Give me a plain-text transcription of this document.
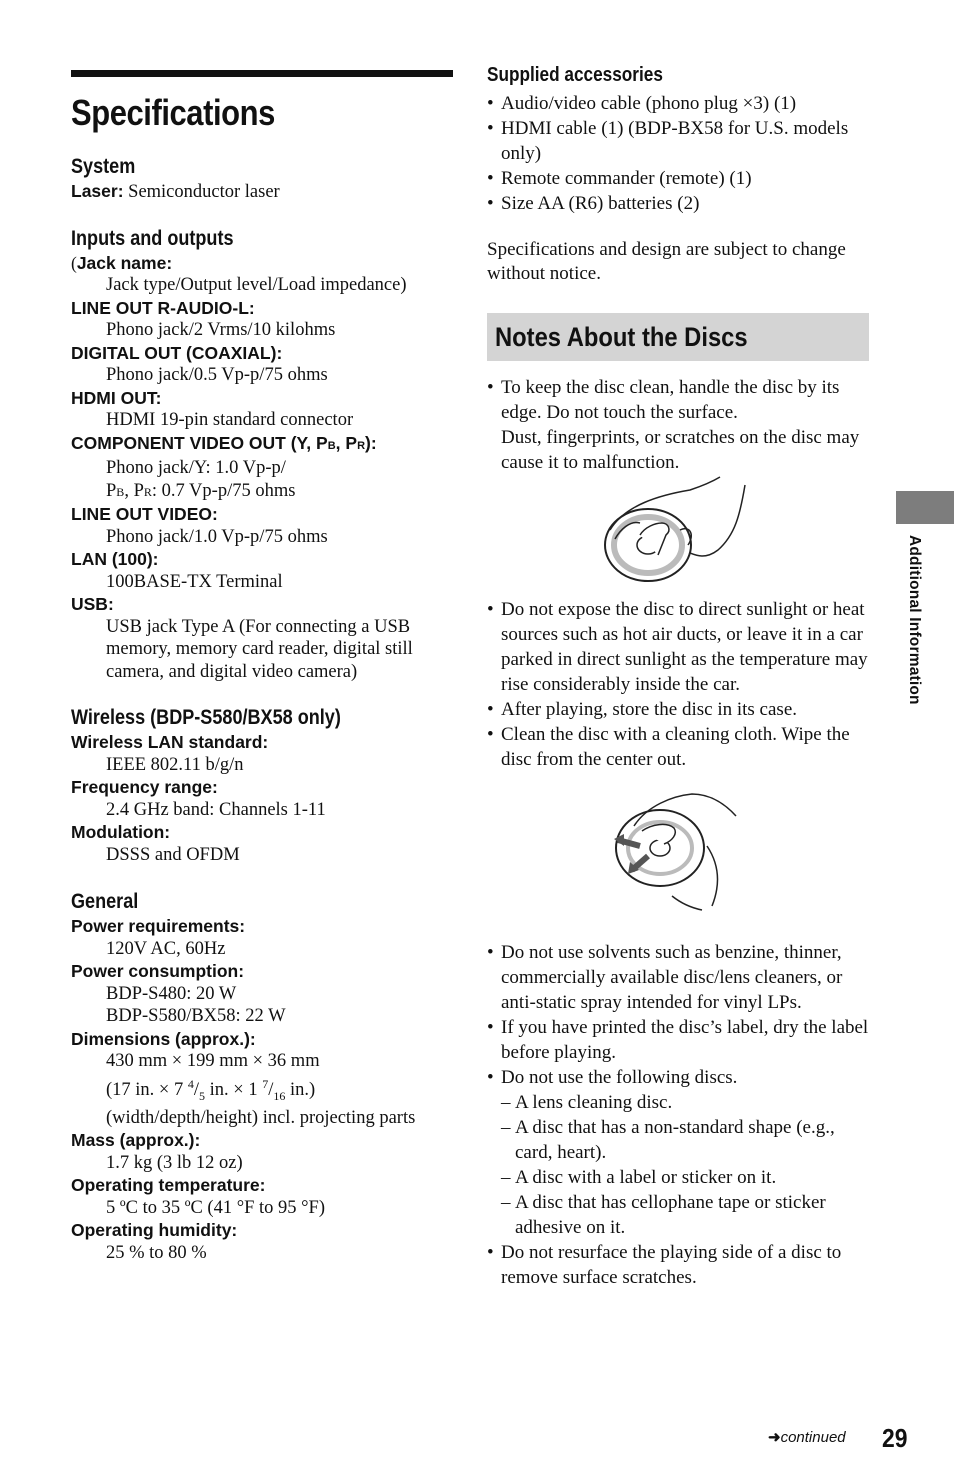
Specifications
System
Laser: Semiconductor laser
Inputs and outputs
(Jack name:
Jack type/Output level/Load impedance)
LINE OUT R-AUDIO-L:
Phono jack/2 Vrms/10 kilohms
DIGITAL OUT (COAXIAL):
Phono jack/0.5 Vp-p/75 ohms
HDMI OUT:
HDMI 19-pin standard connector
COMPONENT VIDEO OUT (Y, PB, PR):
Phono jack/Y: 1.0 Vp-p/
PB, PR: 0.7 Vp-p/75 ohms
LINE OUT VIDEO:
Phono jack/1.0 Vp-p/75 ohms
LAN (100):
100BASE-TX Terminal
USB:
USB jack Type A (For connecting a USB memory, memory card reader, digital still camera, and digital video camera)
Wireless (BDP-S580/BX58 only)
Wireless LAN standard:
IEEE 802.11 b/g/n
Frequency range:
2.4 GHz band: Channels 1-11
Modulation:
DSSS and OFDM
General
Power requirements:
120V AC, 60Hz
Power consumption:
BDP-S480: 20 W
BDP-S580/BX58: 22 W
Dimensions (approx.):
430 mm × 199 mm × 36 mm
(17 in. × 7 $^4/_5$ in. × 1 $^7/_{16}$ in.)
(width/depth/height) incl. projecting parts
Mass (approx.):
1.7 kg (3 lb 12 oz)
Operating temperature:
5 ºC to 35 ºC (41 °F to 95 °F)
Operating humidity:
25 % to 80 %
Supplied accessories
• Audio/video cable (phono plug ×3) (1)
• HDMI cable (1) (BDP-BX58 for U.S. models only)
• Remote commander (remote) (1)
• Size AA (R6) batteries (2)
Specifications and design are subject to change without notice.
Notes About the Discs
• To keep the disc clean, handle the disc by its edge. Do not touch the surface.
Dust, fingerprints, or scratches on the disc may cause it to malfunction.
• Do not expose the disc to direct sunlight or heat sources such as hot air ducts, or leave it in a car parked in direct sunlight as the temperature may rise considerably inside the car.
• After playing, store the disc in its case.
• Clean the disc with a cleaning cloth. Wipe the disc from the center out.
• Do not use solvents such as benzine, thinner, commercially available disc/lens cleaners, or anti-static spray intended for vinyl LPs.
• If you have printed the disc’s label, dry the label before playing.
• Do not use the following discs.
– A lens cleaning disc.
– A disc that has a non-standard shape (e.g., card, heart).
– A disc with a label or sticker on it.
– A disc that has cellophane tape or sticker adhesive on it.
• Do not resurface the playing side of a disc to remove surface scratches.
Additional Information
➜continued 29
